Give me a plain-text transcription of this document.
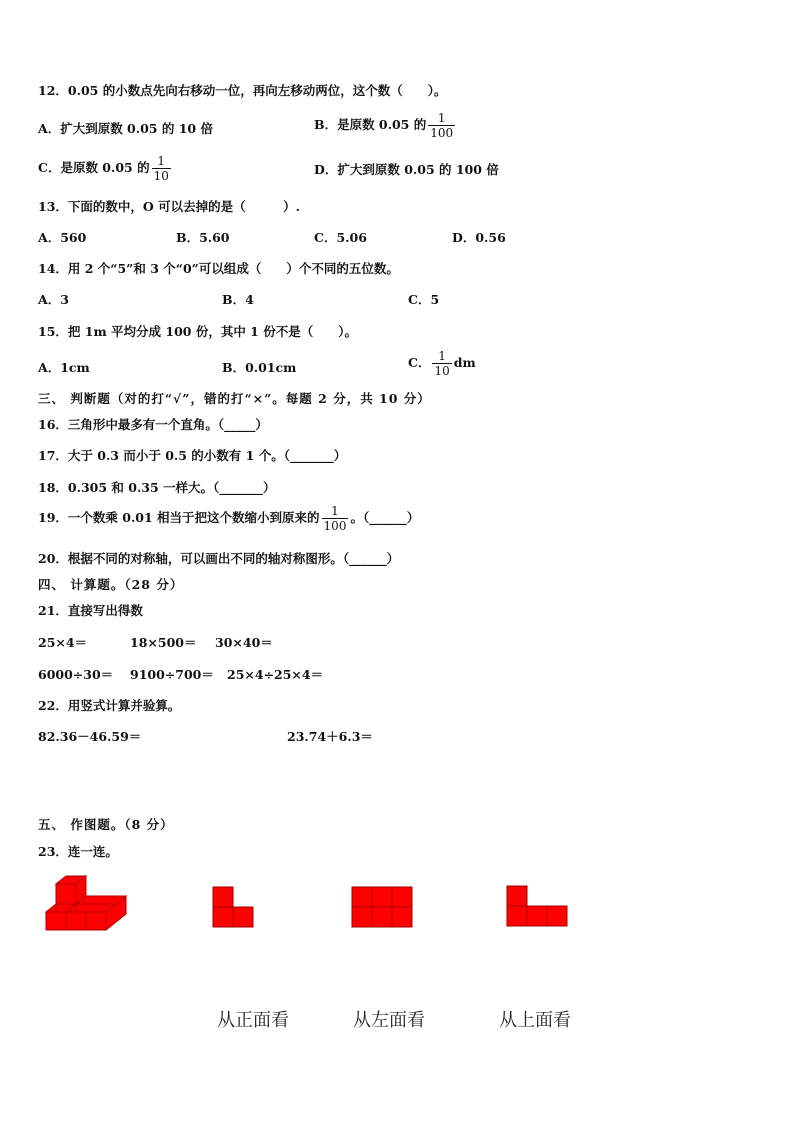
12．0.05 的小数点先向右移动一位，再向左移动两位，这个数（　　）。
A．扩大到原数 0.05 的 10 倍	B．是原数 0.05 的 $\frac{1}{100}$
C．是原数 0.05 的 $\frac{1}{10}$	D．扩大到原数 0.05 的 100 倍
13．下面的数中，O 可以去掉的是（　　　）.
A．560	B．5.60	C．5.06	D．0.56
14．用 2 个“5”和 3 个“0”可以组成（　　）个不同的五位数。
A．3	B．4	C．5
15．把 1m 平均分成 100 份，其中 1 份不是（　　）。
A．1cm	B．0.01cm	C． $\frac{1}{10}$ dm
三、 判断题（对的打“√”，错的打“×”。每题 2 分，共 10 分）
16．三角形中最多有一个直角。（_____）
17．大于 0.3 而小于 0.5 的小数有 1 个。（_______）
18．0.305 和 0.35 一样大。（_______）
19．一个数乘 0.01 相当于把这个数缩小到原来的 $\frac{1}{100}$ 。（______）
20．根据不同的对称轴，可以画出不同的轴对称图形。（______）
四、 计算题。（28 分）
21．直接写出得数
25×4＝	18×500＝ 30×40＝
6000÷30＝ 9100÷700＝ 25×4÷25×4＝
22．用竖式计算并验算。
82.36－46.59＝	23.74＋6.3＝
五、 作图题。（8 分）
23．连一连。
从正面看	从左面看	从上面看
